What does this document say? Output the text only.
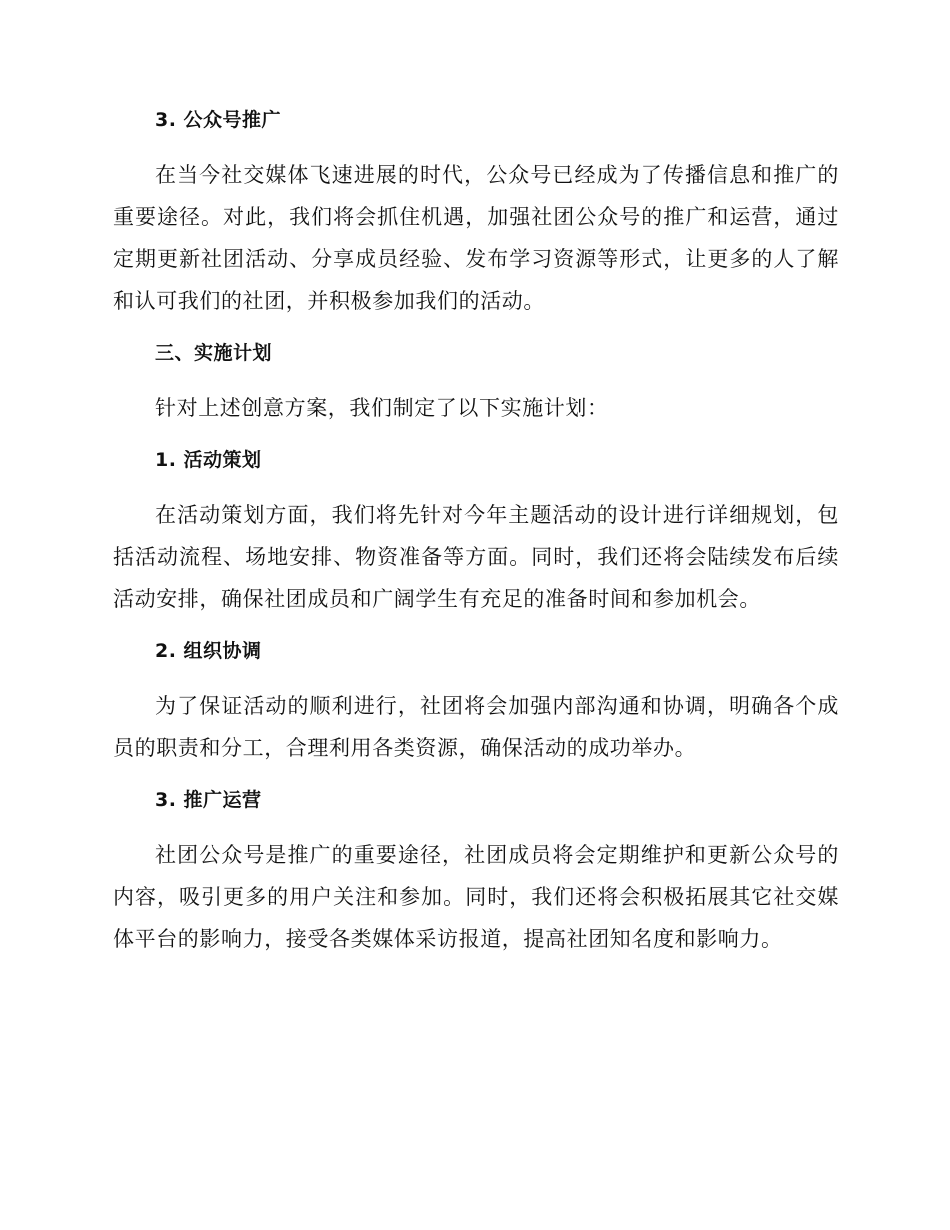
3. 公众号推广

在当今社交媒体飞速进展的时代，公众号已经成为了传播信息和推广的重要途径。对此，我们将会抓住机遇，加强社团公众号的推广和运营，通过定期更新社团活动、分享成员经验、发布学习资源等形式，让更多的人了解和认可我们的社团，并积极参加我们的活动。

三、实施计划

针对上述创意方案，我们制定了以下实施计划：

1. 活动策划

在活动策划方面，我们将先针对今年主题活动的设计进行详细规划，包括活动流程、场地安排、物资准备等方面。同时，我们还将会陆续发布后续活动安排，确保社团成员和广阔学生有充足的准备时间和参加机会。

2. 组织协调

为了保证活动的顺利进行，社团将会加强内部沟通和协调，明确各个成员的职责和分工，合理利用各类资源，确保活动的成功举办。

3. 推广运营

社团公众号是推广的重要途径，社团成员将会定期维护和更新公众号的内容，吸引更多的用户关注和参加。同时，我们还将会积极拓展其它社交媒体平台的影响力，接受各类媒体采访报道，提高社团知名度和影响力。
